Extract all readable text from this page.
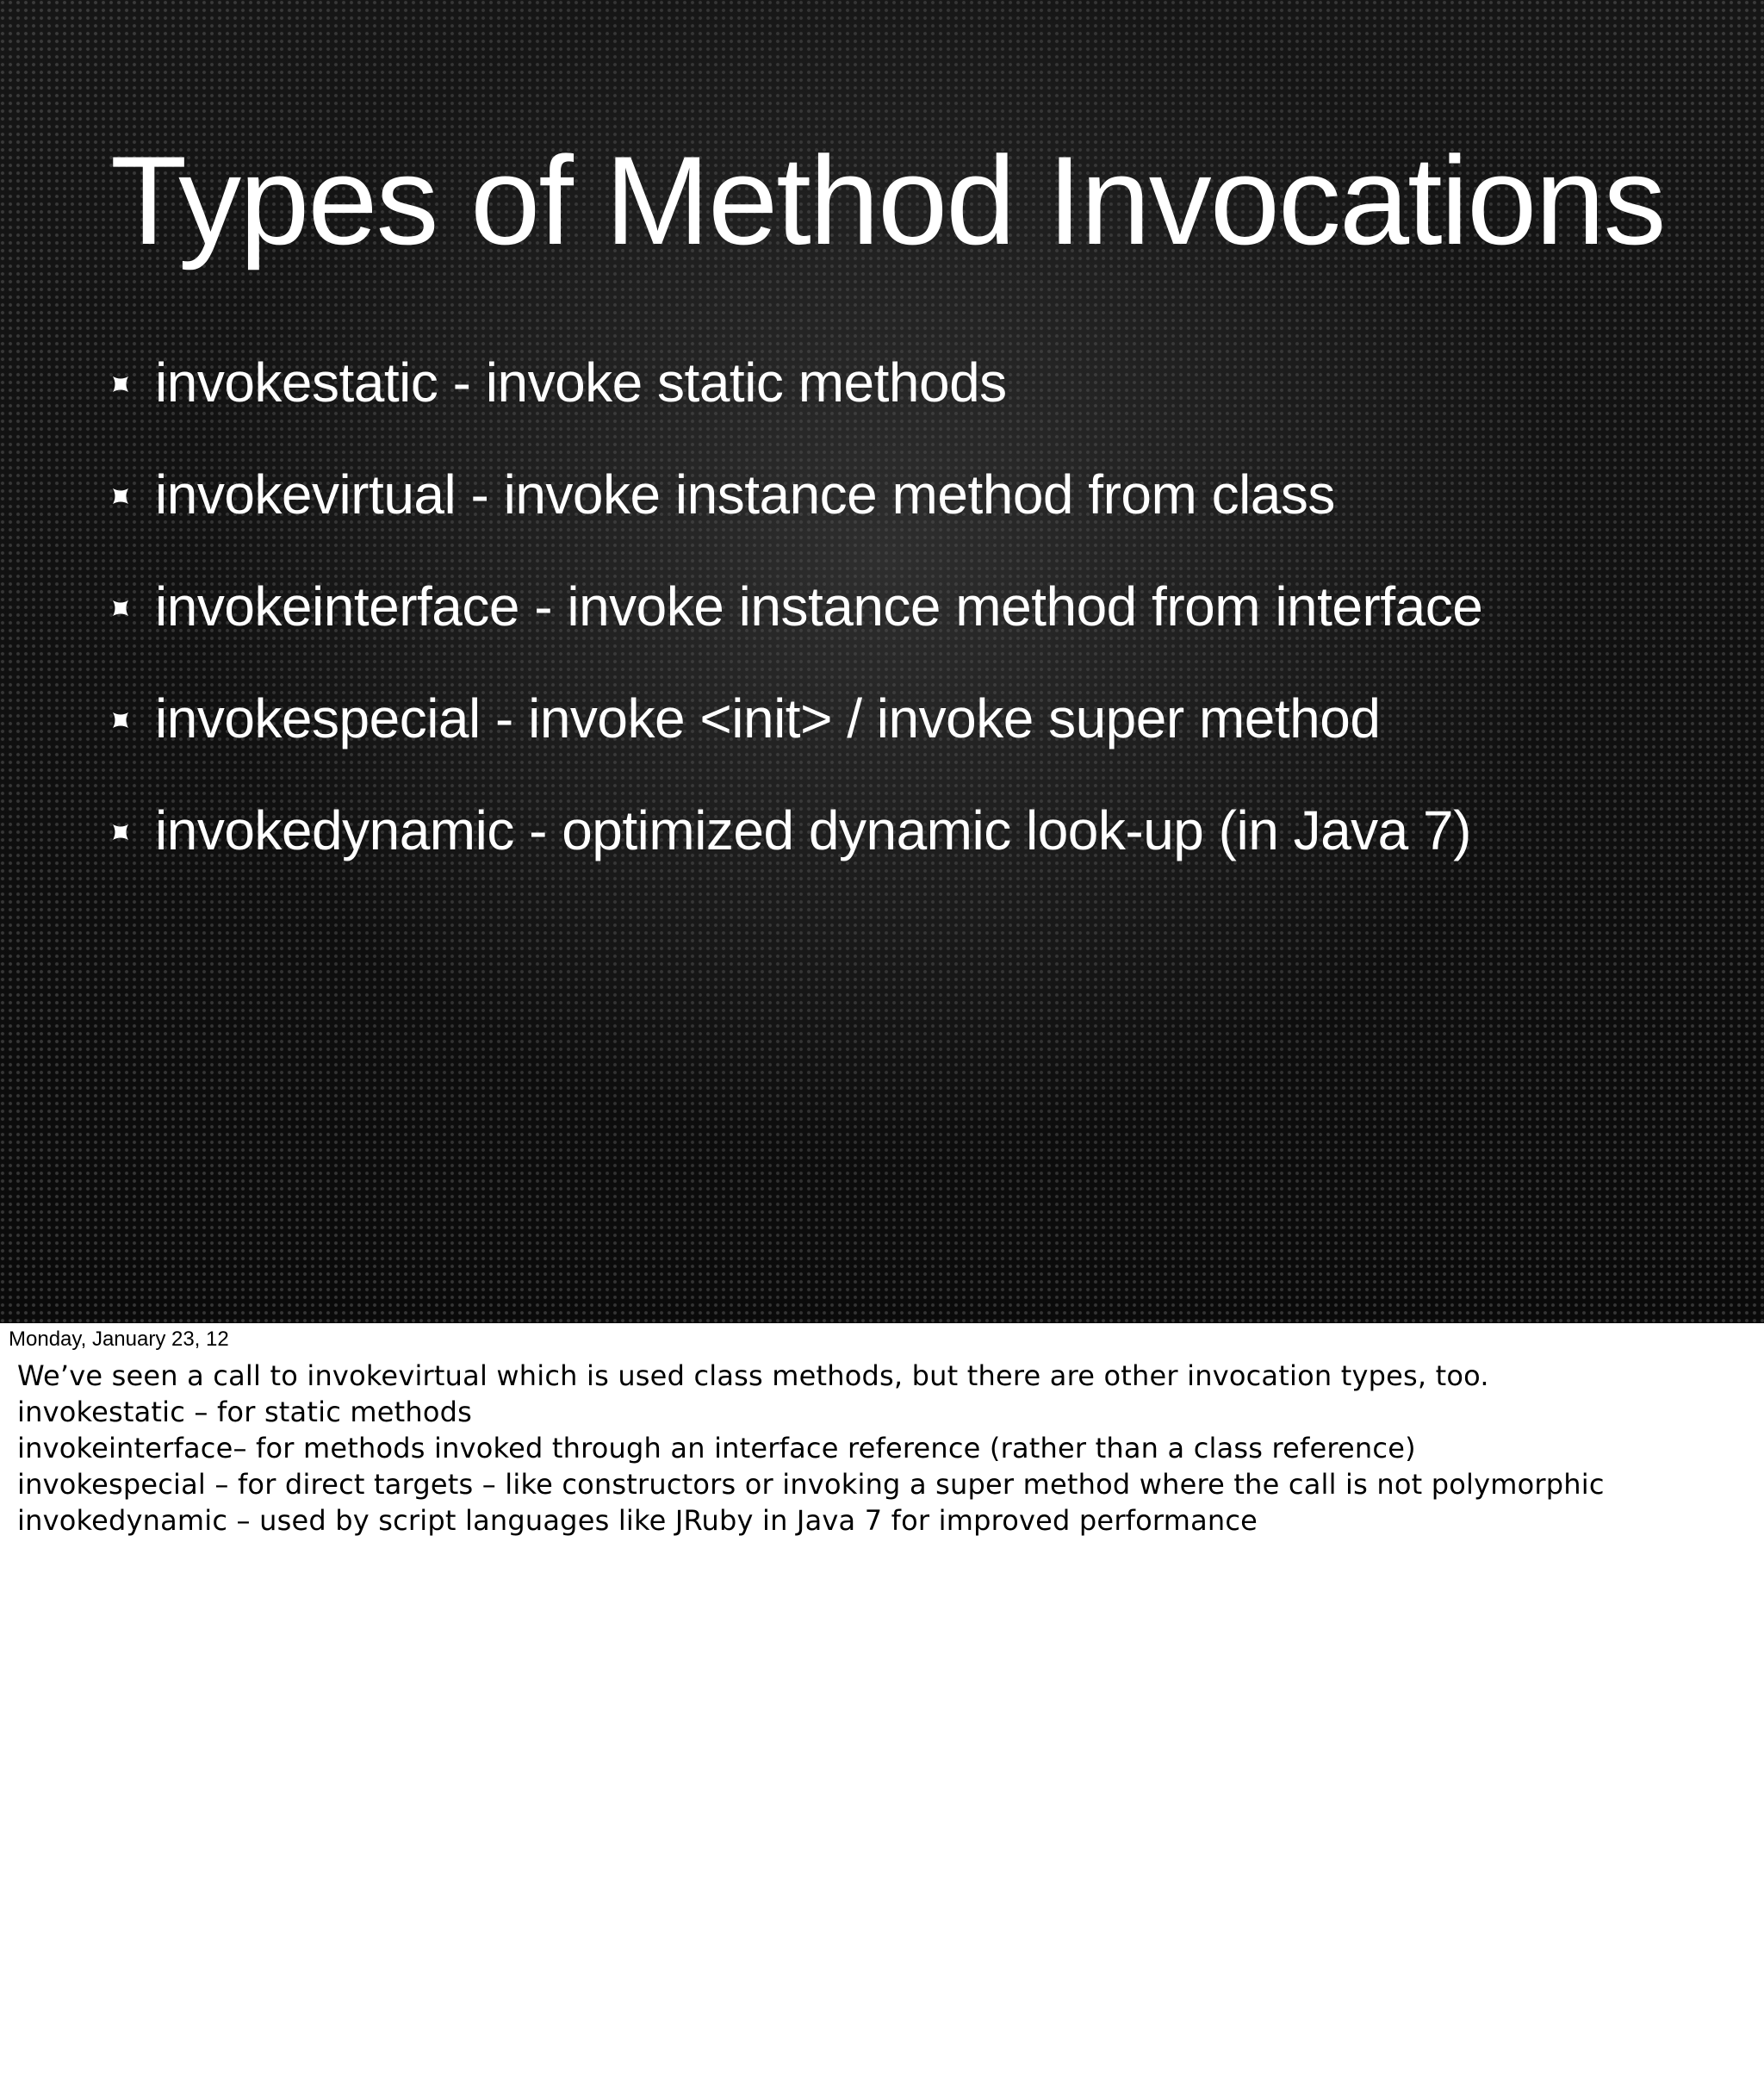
Types of Method Invocations
invokestatic - invoke static methods
invokevirtual - invoke instance method from class
invokeinterface - invoke instance method from interface
invokespecial - invoke <init> / invoke super method
invokedynamic - optimized dynamic look-up (in Java 7)
Monday, January 23, 12
We’ve seen a call to invokevirtual which is used class methods, but there are other invocation types, too.
invokestatic – for static methods
invokeinterface– for methods invoked through an interface reference (rather than a class reference)
invokespecial – for direct targets – like constructors or invoking a super method where the call is not polymorphic
invokedynamic – used by script languages like JRuby in Java 7 for improved performance
